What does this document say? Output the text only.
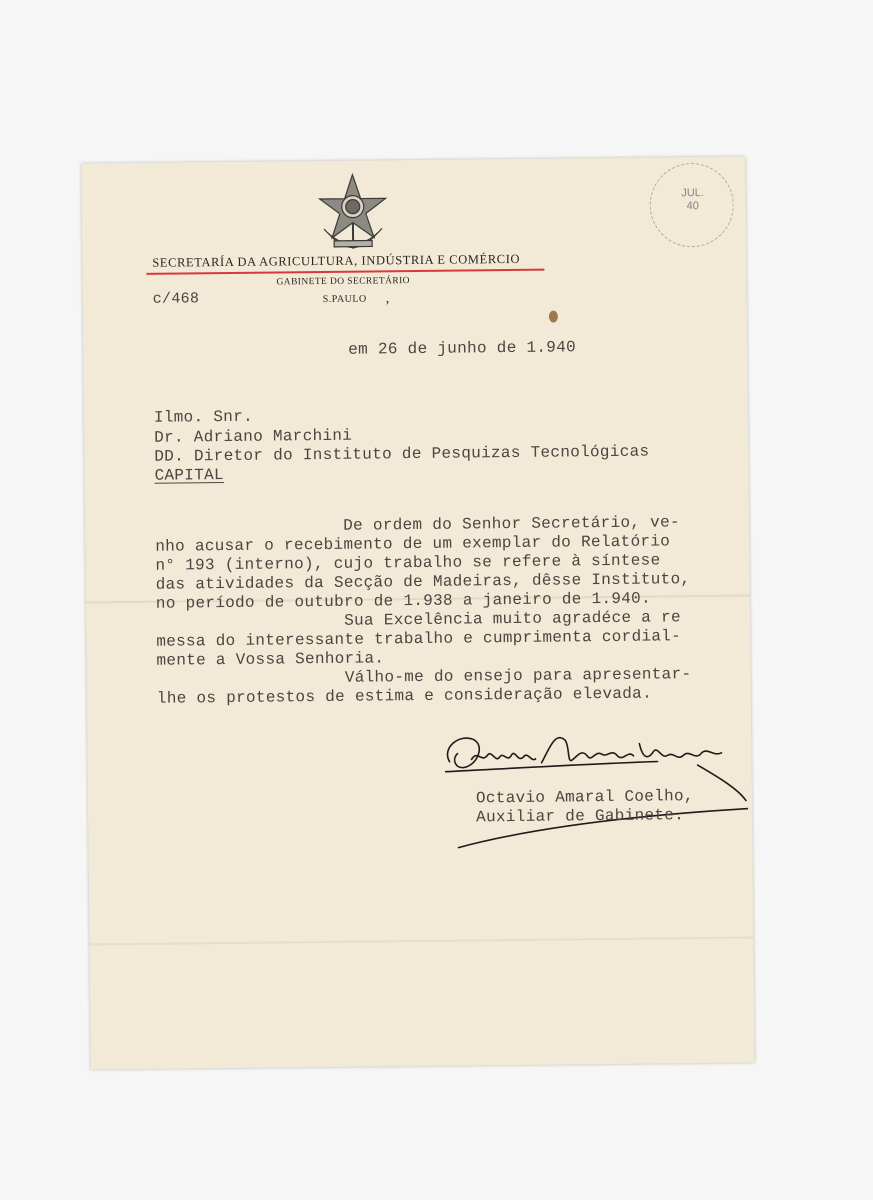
SECRETARÍA DA AGRICULTURA, INDÚSTRIA E COMÉRCIO
GABINETE DO SECRETÁRIO
S.PAULO ,
c/468
JUL.
40
em 26 de junho de 1.940
Ilmo. Snr.
Dr. Adriano Marchini
DD. Diretor do Instituto de Pesquizas Tecnológicas
CAPITAL
De ordem do Senhor Secretário, ve-
nho acusar o recebimento de um exemplar do Relatório
n° 193 (interno), cujo trabalho se refere à síntese
das atividades da Secção de Madeiras, dêsse Instituto,
no período de outubro de 1.938 a janeiro de 1.940.
Sua Excelência muito agradéce a re
messa do interessante trabalho e cumprimenta cordial-
mente a Vossa Senhoria.
Válho-me do ensejo para apresentar-
lhe os protestos de estima e consideração elevada.
Octavio Amaral Coelho
Octavio Amaral Coelho,
Auxiliar de Gabinete.
